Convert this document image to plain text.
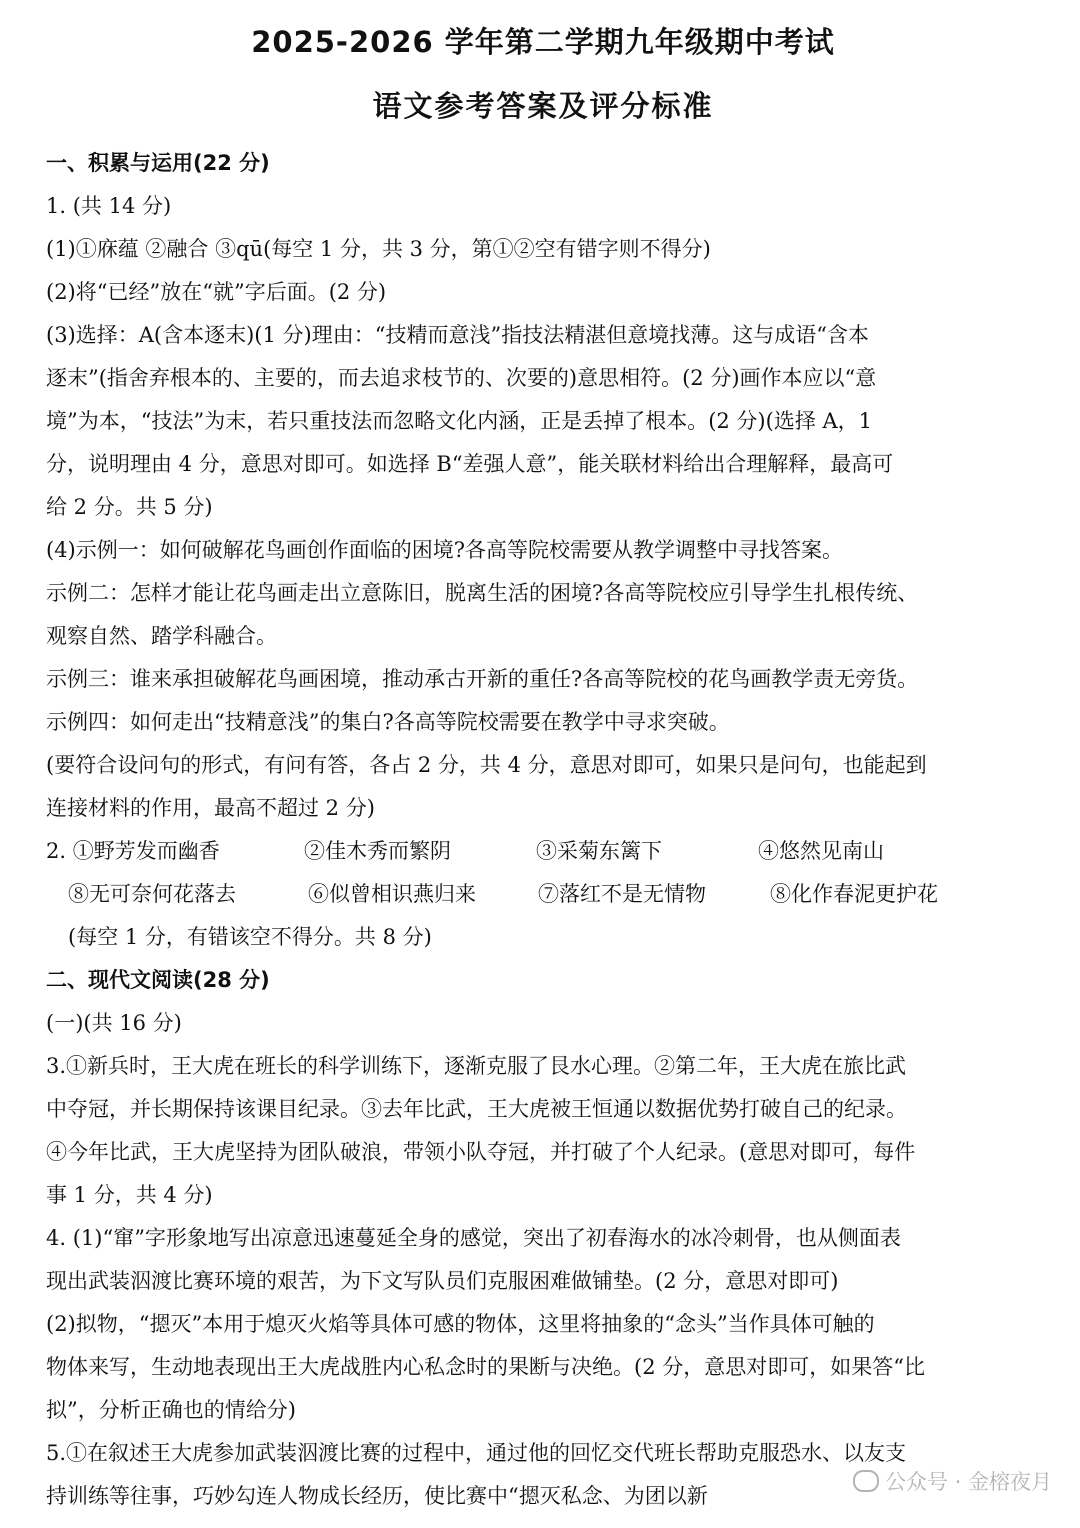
2025-2026 学年第二学期九年级期中考试
语文参考答案及评分标准
一、积累与运用(22 分)
1. (共 14 分)
(1)①庥蕴 ②融合 ③qū(每空 1 分，共 3 分，第①②空有错字则不得分)
(2)将“已经”放在“就”字后面。(2 分)
(3)选择：A(含本逐末)(1 分)理由：“技精而意浅”指技法精湛但意境找薄。这与成语“含本
逐末”(指舍弃根本的、主要的，而去追求枝节的、次要的)意思相符。(2 分)画作本应以“意
境”为本，“技法”为末，若只重技法而忽略文化内涵，正是丢掉了根本。(2 分)(选择 A，1
分，说明理由 4 分，意思对即可。如选择 B“差强人意”，能关联材料给出合理解释，最高可
给 2 分。共 5 分)
(4)示例一：如何破解花鸟画创作面临的困境?各高等院校需要从教学调整中寻找答案。
示例二：怎样才能让花鸟画走出立意陈旧，脱离生活的困境?各高等院校应引导学生扎根传统、
观察自然、踏学科融合。
示例三：谁来承担破解花鸟画困境，推动承古开新的重任?各高等院校的花鸟画教学责无旁货。
示例四：如何走出“技精意浅”的集白?各高等院校需要在教学中寻求突破。
(要符合设问句的形式，有问有答，各占 2 分，共 4 分，意思对即可，如果只是问句，也能起到
连接材料的作用，最高不超过 2 分)
2. ①野芳发而幽香	②佳木秀而繁阴	③采菊东篱下	④悠然见南山
⑧无可奈何花落去	⑥似曾相识燕归来	⑦落红不是无情物	⑧化作春泥更护花
(每空 1 分，有错该空不得分。共 8 分)
二、现代文阅读(28 分)
(一)(共 16 分)
3.①新兵时，王大虎在班长的科学训练下，逐渐克服了艮水心理。②第二年，王大虎在旅比武
中夺冠，并长期保持该课目纪录。③去年比武，王大虎被王恒通以数据优势打破自己的纪录。
④今年比武，王大虎坚持为团队破浪，带领小队夺冠，并打破了个人纪录。(意思对即可，每件
事 1 分，共 4 分)
4. (1)“窜”字形象地写出凉意迅速蔓延全身的感觉，突出了初春海水的冰冷刺骨，也从侧面表
现出武装泅渡比赛环境的艰苦，为下文写队员们克服困难做铺垫。(2 分，意思对即可)
(2)拟物，“摁灭”本用于熄灭火焰等具体可感的物体，这里将抽象的“念头”当作具体可触的
物体来写，生动地表现出王大虎战胜内心私念时的果断与决绝。(2 分，意思对即可，如果答“比
拟”，分析正确也的情给分)
5.①在叙述王大虎参加武装泅渡比赛的过程中，通过他的回忆交代班长帮助克服恐水、以友支
持训练等往事，巧妙勾连人物成长经历，使比赛中“摁灭私念、为团以新
公众号 · 金榕夜月
